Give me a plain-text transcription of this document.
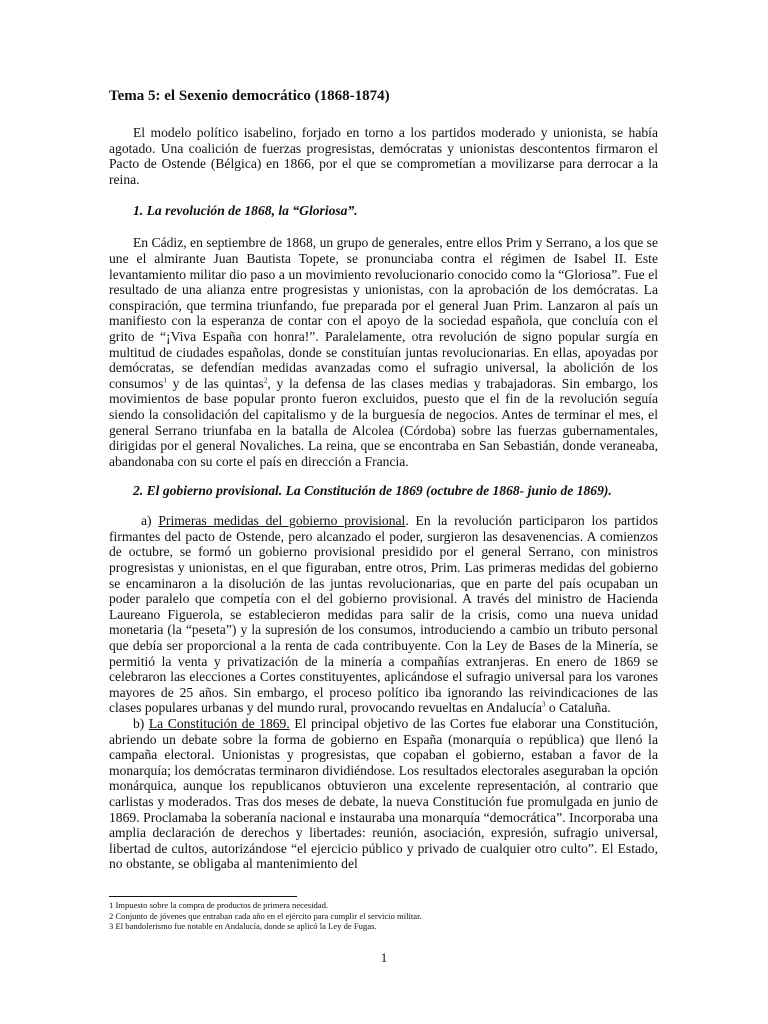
Tema 5: el Sexenio democrático (1868-1874)

El modelo político isabelino, forjado en torno a los partidos moderado y unionista, se había agotado. Una coalición de fuerzas progresistas, demócratas y unionistas descontentos firmaron el Pacto de Ostende (Bélgica) en 1866, por el que se comprometían a movilizarse para derrocar a la reina.

1. La revolución de 1868, la “Gloriosa”.

En Cádiz, en septiembre de 1868, un grupo de generales, entre ellos Prim y Serrano, a los que se une el almirante Juan Bautista Topete, se pronunciaba contra el régimen de Isabel II. Este levantamiento militar dio paso a un movimiento revolucionario conocido como la “Gloriosa”. Fue el resultado de una alianza entre progresistas y unionistas, con la aprobación de los demócratas. La conspiración, que termina triunfando, fue preparada por el general Juan Prim. Lanzaron al país un manifiesto con la esperanza de contar con el apoyo de la sociedad española, que concluía con el grito de “¡Viva España con honra!”. Paralelamente, otra revolución de signo popular surgía en multitud de ciudades españolas, donde se constituían juntas revolucionarias. En ellas, apoyadas por demócratas, se defendían medidas avanzadas como el sufragio universal, la abolición de los consumos$^1$ y de las quintas$^2$, y la defensa de las clases medias y trabajadoras. Sin embargo, los movimientos de base popular pronto fueron excluidos, puesto que el fin de la revolución seguía siendo la consolidación del capitalismo y de la burguesía de negocios. Antes de terminar el mes, el general Serrano triunfaba en la batalla de Alcolea (Córdoba) sobre las fuerzas gubernamentales, dirigidas por el general Novaliches. La reina, que se encontraba en San Sebastián, donde veraneaba, abandonaba con su corte el país en dirección a Francia.

2. El gobierno provisional. La Constitución de 1869 (octubre de 1868- junio de 1869).

a) Primeras medidas del gobierno provisional. En la revolución participaron los partidos firmantes del pacto de Ostende, pero alcanzado el poder, surgieron las desavenencias. A comienzos de octubre, se formó un gobierno provisional presidido por el general Serrano, con ministros progresistas y unionistas, en el que figuraban, entre otros, Prim. Las primeras medidas del gobierno se encaminaron a la disolución de las juntas revolucionarias, que en parte del país ocupaban un poder paralelo que competía con el del gobierno provisional. A través del ministro de Hacienda Laureano Figuerola, se establecieron medidas para salir de la crisis, como una nueva unidad monetaria (la “peseta”) y la supresión de los consumos, introduciendo a cambio un tributo personal que debía ser proporcional a la renta de cada contribuyente. Con la Ley de Bases de la Minería, se permitió la venta y privatización de la minería a compañías extranjeras. En enero de 1869 se celebraron las elecciones a Cortes constituyentes, aplicándose el sufragio universal para los varones mayores de 25 años. Sin embargo, el proceso político iba ignorando las reivindicaciones de las clases populares urbanas y del mundo rural, provocando revueltas en Andalucía$^3$ o Cataluña.

b) La Constitución de 1869. El principal objetivo de las Cortes fue elaborar una Constitución, abriendo un debate sobre la forma de gobierno en España (monarquía o república) que llenó la campaña electoral. Unionistas y progresistas, que copaban el gobierno, estaban a favor de la monarquía; los demócratas terminaron dividiéndose. Los resultados electorales aseguraban la opción monárquica, aunque los republicanos obtuvieron una excelente representación, al contrario que carlistas y moderados. Tras dos meses de debate, la nueva Constitución fue promulgada en junio de 1869. Proclamaba la soberanía nacional e instauraba una monarquía “democrática”. Incorporaba una amplia declaración de derechos y libertades: reunión, asociación, expresión, sufragio universal, libertad de cultos, autorizándose “el ejercicio público y privado de cualquier otro culto”. El Estado, no obstante, se obligaba al mantenimiento del

1 Impuesto sobre la compra de productos de primera necesidad.

2 Conjunto de jóvenes que entraban cada año en el ejército para cumplir el servicio militar.

3 El bandolerismo fue notable en Andalucía, donde se aplicó la Ley de Fugas.

1
